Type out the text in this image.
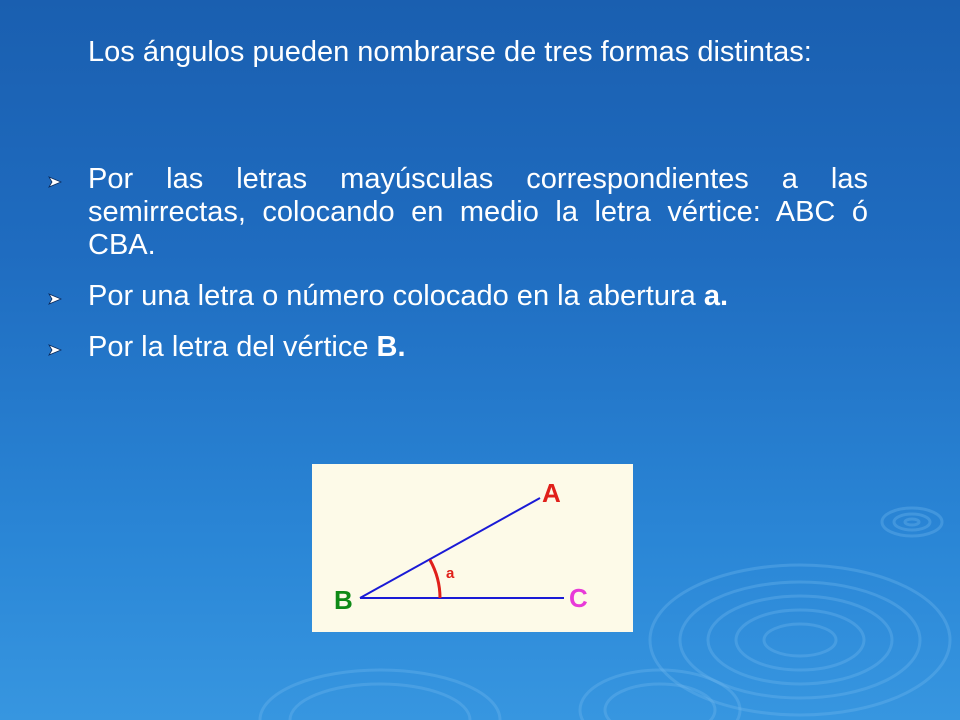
Los ángulos pueden nombrarse de tres formas distintas:

Por las letras mayúsculas correspondientes a las semirrectas, colocando en medio la letra vértice: ABC ó CBA.
Por una letra o número colocado en la abertura a.
Por la letra del vértice B.
A
B	C
a
